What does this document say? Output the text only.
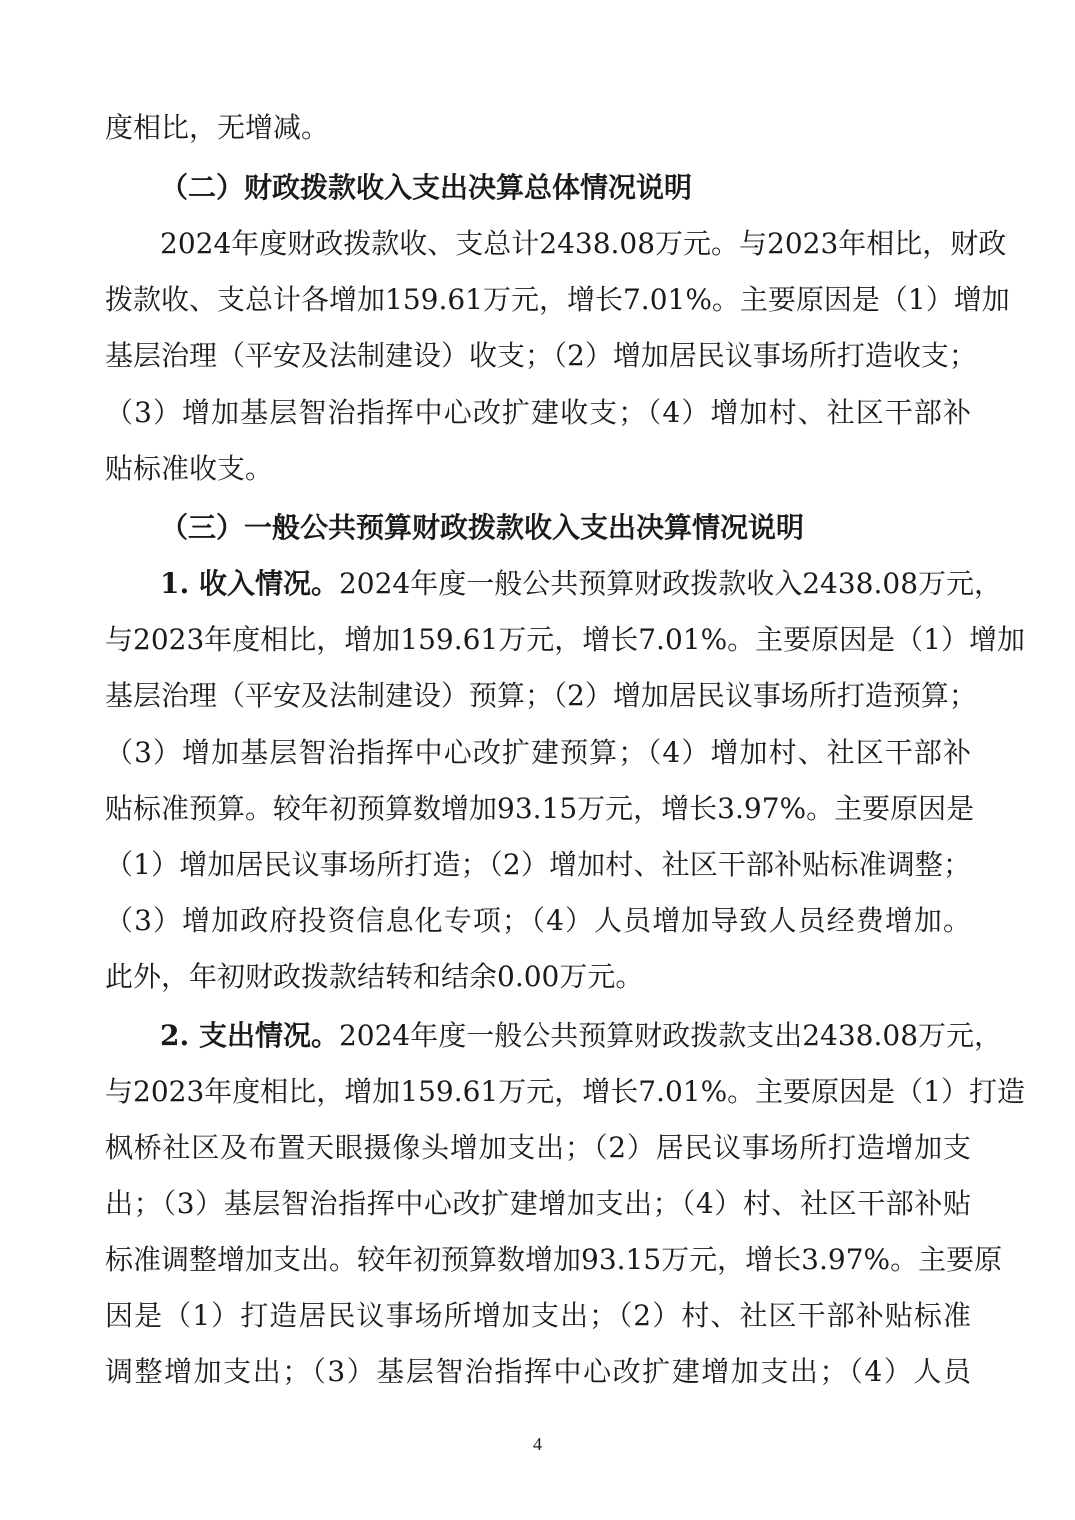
度相比，无增减。
（二）财政拨款收入支出决算总体情况说明
2024年度财政拨款收、支总计2438.08万元。与2023年相比，财政
拨款收、支总计各增加159.61万元，增长7.01%。主要原因是（1）增加
基层治理（平安及法制建设）收支；（2）增加居民议事场所打造收支；
（3）增加基层智治指挥中心改扩建收支；（4）增加村、社区干部补
贴标准收支。
（三）一般公共预算财政拨款收入支出决算情况说明
1. 收入情况。 2024年度一般公共预算财政拨款收入2438.08万元，
与2023年度相比，增加159.61万元，增长7.01%。主要原因是（1）增加
基层治理（平安及法制建设）预算；（2）增加居民议事场所打造预算；
（3）增加基层智治指挥中心改扩建预算；（4）增加村、社区干部补
贴标准预算。较年初预算数增加93.15万元，增长3.97%。主要原因是
（1）增加居民议事场所打造；（2）增加村、社区干部补贴标准调整；
（3）增加政府投资信息化专项；（4）人员增加导致人员经费增加。
此外，年初财政拨款结转和结余0.00万元。
2. 支出情况。 2024年度一般公共预算财政拨款支出2438.08万元，
与2023年度相比，增加159.61万元，增长7.01%。主要原因是（1）打造
枫桥社区及布置天眼摄像头增加支出；（2）居民议事场所打造增加支
出；（3）基层智治指挥中心改扩建增加支出；（4）村、社区干部补贴
标准调整增加支出。较年初预算数增加93.15万元，增长3.97%。主要原
因是（1）打造居民议事场所增加支出；（2）村、社区干部补贴标准
调整增加支出；（3）基层智治指挥中心改扩建增加支出；（4）人员
4
